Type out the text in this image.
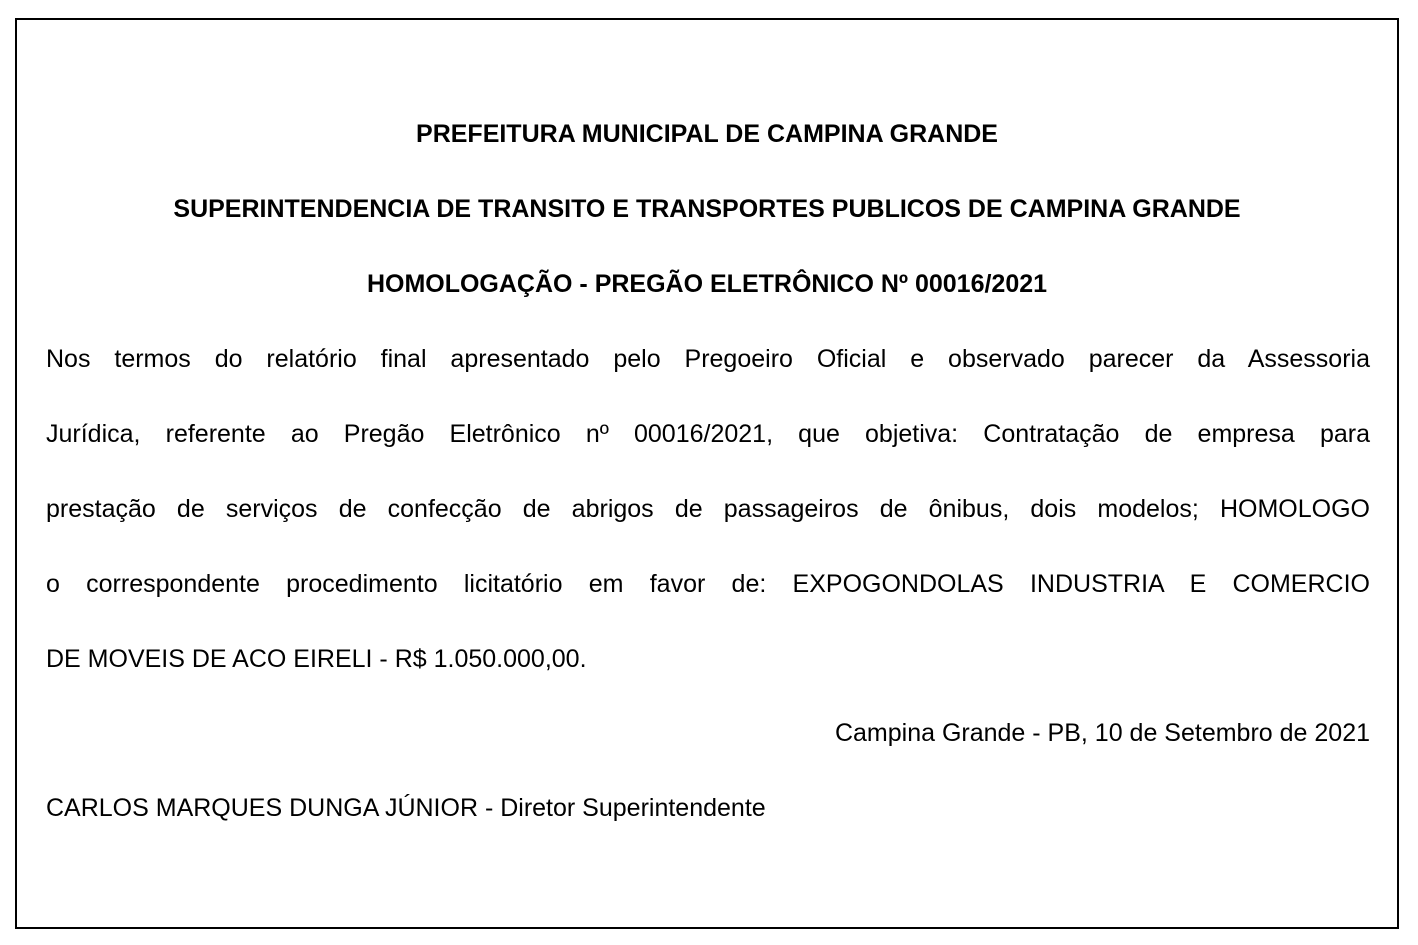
PREFEITURA MUNICIPAL DE CAMPINA GRANDE
SUPERINTENDENCIA DE TRANSITO E TRANSPORTES PUBLICOS DE CAMPINA GRANDE
HOMOLOGAÇÃO - PREGÃO ELETRÔNICO Nº 00016/2021
Nos termos do relatório final apresentado pelo Pregoeiro Oficial e observado parecer da Assessoria
Jurídica, referente ao Pregão Eletrônico nº 00016/2021, que objetiva: Contratação de empresa para
prestação de serviços de confecção de abrigos de passageiros de ônibus, dois modelos; HOMOLOGO
o correspondente procedimento licitatório em favor de: EXPOGONDOLAS INDUSTRIA E COMERCIO
DE MOVEIS DE ACO EIRELI - R$ 1.050.000,00.
Campina Grande - PB, 10 de Setembro de 2021
CARLOS MARQUES DUNGA JÚNIOR - Diretor Superintendente
